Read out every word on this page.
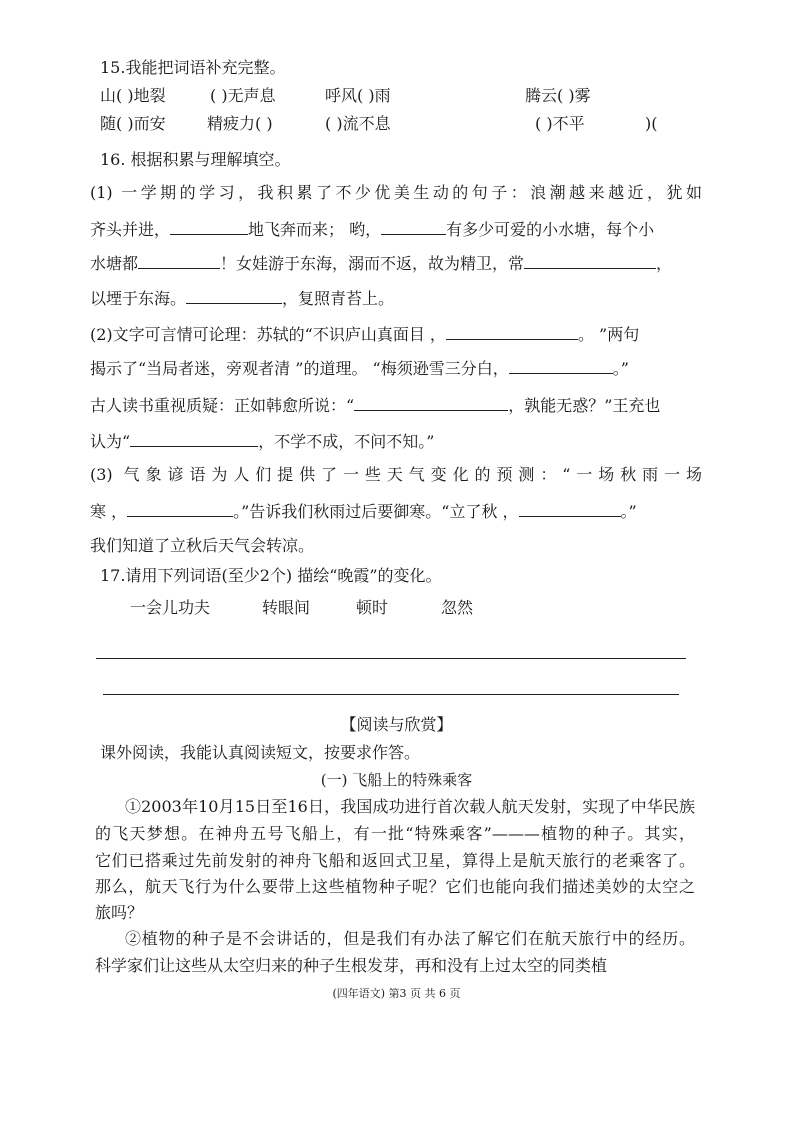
15.我能把词语补充完整。
山( )地裂	( )无声息	呼风( )雨	腾云( )雾
随( )而安	精疲力( )	( )流不息	( )不平	)(
16. 根据积累与理解填空。
(1) 一学期的学习，我积累了不少优美生动的句子：浪潮越来越近，犹如
齐头并进，	地飞奔而来； 哟，	有多少可爱的小水塘，每个小
水塘都	！女娃游于东海，溺而不返，故为精卫，常	，
以堙于东海。	，复照青苔上。
(2)文字可言情可论理：苏轼的“不识庐山真面目 ，	。 ”两句
揭示了“当局者迷，旁观者清 ”的道理。 “梅须逊雪三分白，	。”
古人读书重视质疑：正如韩愈所说：“	，孰能无惑？”王充也
认为“	，不学不成，不问不知。”
(3) 气象谚语为人们提供了一些天气变化的预测：“一场秋雨一场
寒 ，	。”告诉我们秋雨过后要御寒。“立了秋 ，	。”
我们知道了立秋后天气会转凉。
17.请用下列词语(至少2个) 描绘“晚霞”的变化。
一会儿功夫	转眼间	顿时	忽然
【阅读与欣赏】
课外阅读，我能认真阅读短文，按要求作答。
(一) 飞船上的特殊乘客
①2003年10月15日至16日，我国成功进行首次载人航天发射，实现了中华民族
的飞天梦想。在神舟五号飞船上，有一批“特殊乘客”———植物的种子。其实，
它们已搭乘过先前发射的神舟飞船和返回式卫星，算得上是航天旅行的老乘客了。
那么，航天飞行为什么要带上这些植物种子呢？它们也能向我们描述美妙的太空之
旅吗？
②植物的种子是不会讲话的，但是我们有办法了解它们在航天旅行中的经历。
科学家们让这些从太空归来的种子生根发芽，再和没有上过太空的同类植
(四年语文) 第3 页 共 6 页
